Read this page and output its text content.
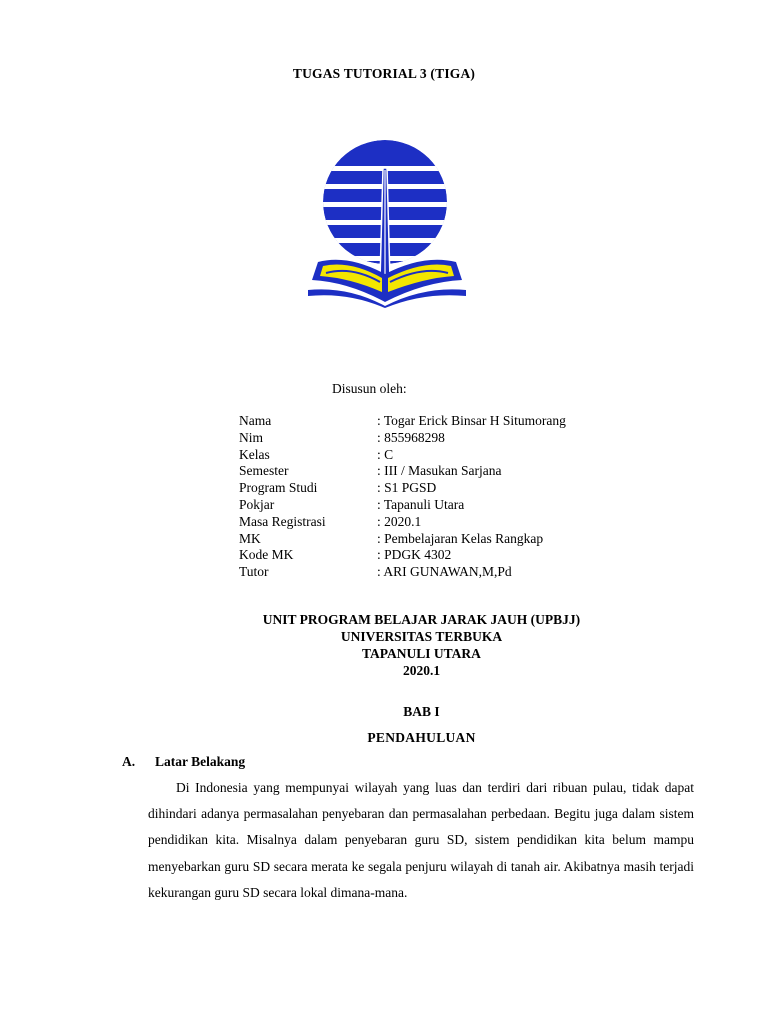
TUGAS TUTORIAL 3 (TIGA)
Disusun oleh:
Nama	: Togar Erick Binsar H Situmorang
Nim	: 855968298
Kelas	: C
Semester	: III / Masukan Sarjana
Program Studi	: S1 PGSD
Pokjar	: Tapanuli Utara
Masa Registrasi	: 2020.1
MK	: Pembelajaran Kelas Rangkap
Kode MK	: PDGK 4302
Tutor	: ARI GUNAWAN,M,Pd
UNIT PROGRAM BELAJAR JARAK JAUH (UPBJJ)
UNIVERSITAS TERBUKA
TAPANULI UTARA
2020.1
BAB I
PENDAHULUAN
A. Latar Belakang
Di Indonesia yang mempunyai wilayah yang luas dan terdiri dari ribuan pulau, tidak dapat dihindari adanya permasalahan penyebaran dan permasalahan perbedaan. Begitu juga dalam sistem pendidikan kita. Misalnya dalam penyebaran guru SD, sistem pendidikan kita belum mampu menyebarkan guru SD secara merata ke segala penjuru wilayah di tanah air. Akibatnya masih terjadi kekurangan guru SD secara lokal dimana-mana.
